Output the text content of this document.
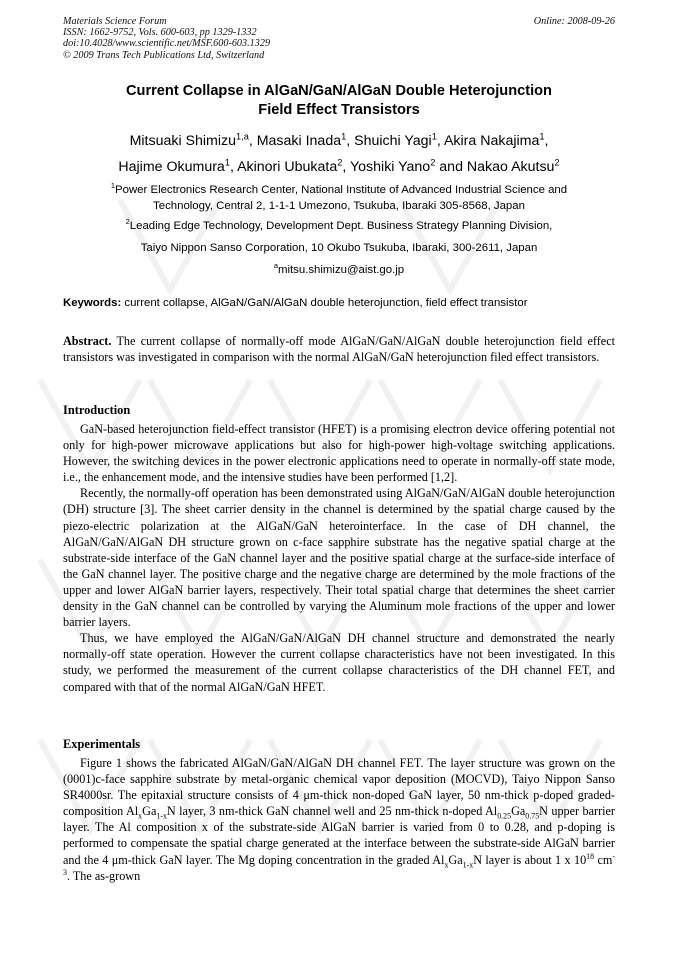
Materials Science Forum
ISSN: 1662-9752, Vols. 600-603, pp 1329-1332
doi:10.4028/www.scientific.net/MSF.600-603.1329
© 2009 Trans Tech Publications Ltd, Switzerland
Online: 2008-09-26
Current Collapse in AlGaN/GaN/AlGaN Double Heterojunction
Field Effect Transistors
Mitsuaki Shimizu$^{1,a}$, Masaki Inada$^1$, Shuichi Yagi$^1$, Akira Nakajima$^1$,
Hajime Okumura$^1$, Akinori Ubukata$^2$, Yoshiki Yano$^2$ and Nakao Akutsu$^2$
$^1$Power Electronics Research Center, National Institute of Advanced Industrial Science and
Technology, Central 2, 1-1-1 Umezono, Tsukuba, Ibaraki 305-8568, Japan
$^2$Leading Edge Technology, Development Dept. Business Strategy Planning Division,
Taiyo Nippon Sanso Corporation, 10 Okubo Tsukuba, Ibaraki, 300-2611, Japan
$^a$mitsu.shimizu@aist.go.jp
Keywords: current collapse, AlGaN/GaN/AlGaN double heterojunction, field effect transistor

Abstract. The current collapse of normally-off mode AlGaN/GaN/AlGaN double heterojunction field effect transistors was investigated in comparison with the normal AlGaN/GaN heterojunction filed effect transistors.

Introduction

GaN-based heterojunction field-effect transistor (HFET) is a promising electron device offering potential not only for high-power microwave applications but also for high-power high-voltage switching applications. However, the switching devices in the power electronic applications need to operate in normally-off state mode, i.e., the enhancement mode, and the intensive studies have been performed [1,2].

Recently, the normally-off operation has been demonstrated using AlGaN/GaN/AlGaN double heterojunction (DH) structure [3]. The sheet carrier density in the channel is determined by the spatial charge caused by the piezo-electric polarization at the AlGaN/GaN heterointerface. In the case of DH channel, the AlGaN/GaN/AlGaN DH structure grown on c-face sapphire substrate has the negative spatial charge at the substrate-side interface of the GaN channel layer and the positive spatial charge at the surface-side interface of the GaN channel layer. The positive charge and the negative charge are determined by the mole fractions of the upper and lower AlGaN barrier layers, respectively. Their total spatial charge that determines the sheet carrier density in the GaN channel can be controlled by varying the Aluminum mole fractions of the upper and lower barrier layers.

Thus, we have employed the AlGaN/GaN/AlGaN DH channel structure and demonstrated the nearly normally-off state operation. However the current collapse characteristics have not been investigated. In this study, we performed the measurement of the current collapse characteristics of the DH channel FET, and compared with that of the normal AlGaN/GaN HFET.

Experimentals

Figure 1 shows the fabricated AlGaN/GaN/AlGaN DH channel FET. The layer structure was grown on the (0001)c-face sapphire substrate by metal-organic chemical vapor deposition (MOCVD), Taiyo Nippon Sanso SR4000sr. The epitaxial structure consists of 4 μm-thick non-doped GaN layer, 50 nm-thick p-doped graded-composition $Al_xGa_{1-x}N$ layer, 3 nm-thick GaN channel well and 25 nm-thick n-doped $Al_{0.25}Ga_{0.75}N$ upper barrier layer. The Al composition x of the substrate-side AlGaN barrier is varied from 0 to 0.28, and p-doping is performed to compensate the spatial charge generated at the interface between the substrate-side AlGaN barrier and the 4 μm-thick GaN layer. The Mg doping concentration in the graded $Al_xGa_{1-x}N$ layer is about 1 x $10^{18}$ $cm^{-3}$. The as-grown
